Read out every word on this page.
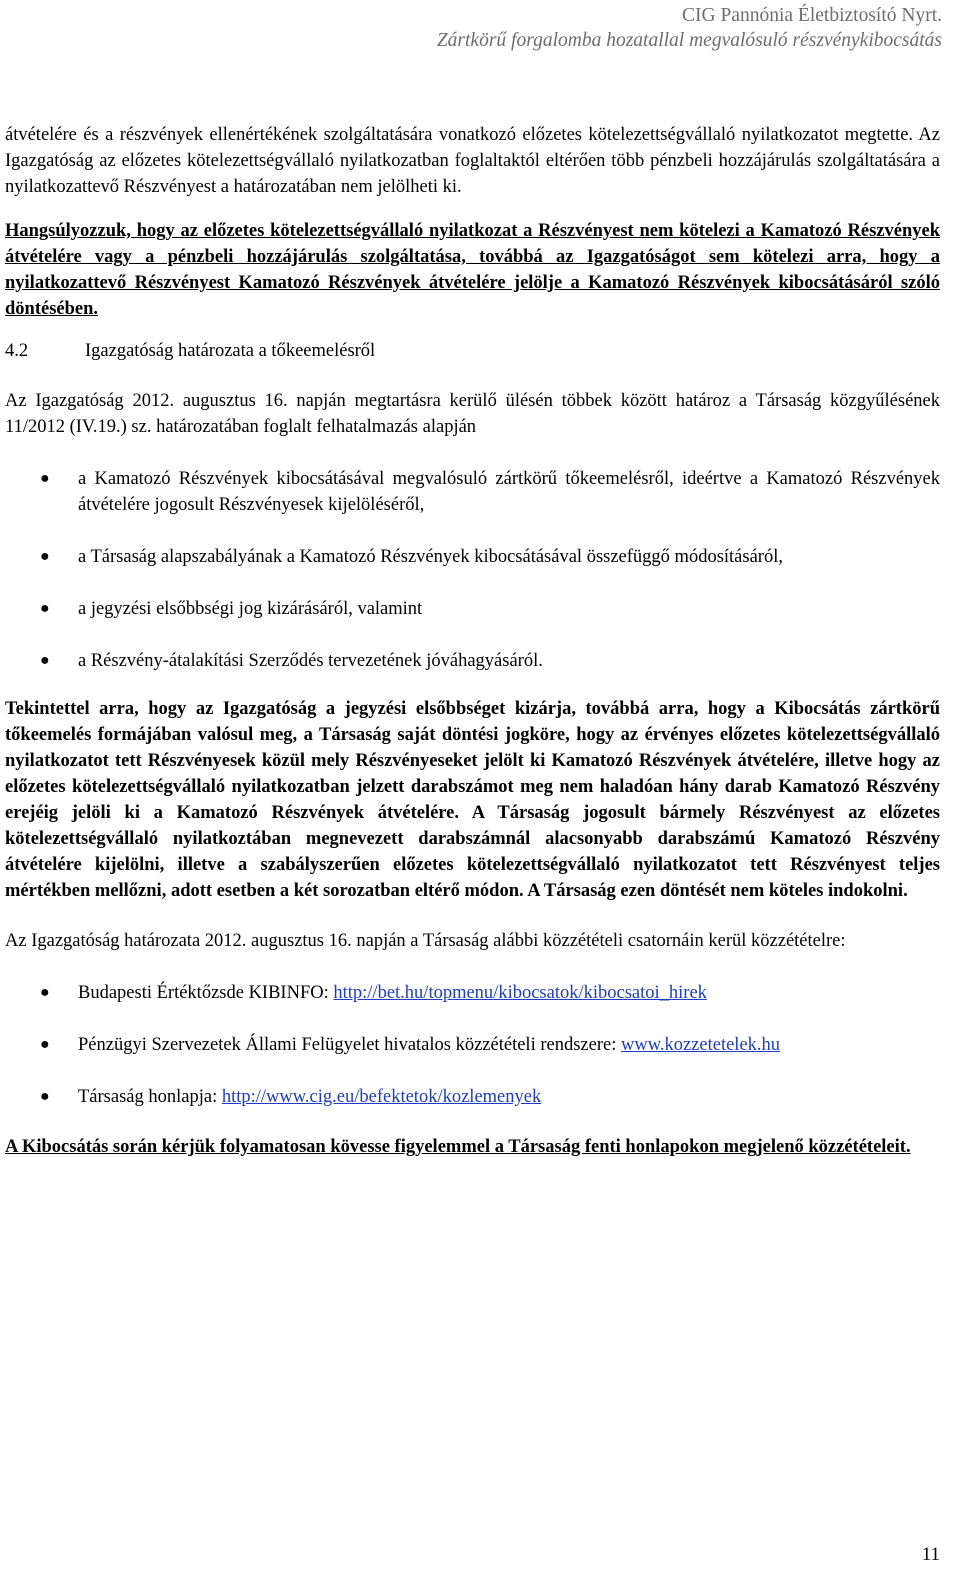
CIG Pannónia Életbiztosító Nyrt.
Zártkörű forgalomba hozatallal megvalósuló részvénykibocsátás

átvételére és a részvények ellenértékének szolgáltatására vonatkozó előzetes kötelezettségvállaló nyilatkozatot megtette. Az Igazgatóság az előzetes kötelezettségvállaló nyilatkozatban foglaltaktól eltérően több pénzbeli hozzájárulás szolgáltatására a nyilatkozattevő Részvényest a határozatában nem jelölheti ki.

Hangsúlyozzuk, hogy az előzetes kötelezettségvállaló nyilatkozat a Részvényest nem kötelezi a Kamatozó Részvények átvételére vagy a pénzbeli hozzájárulás szolgáltatása, továbbá az Igazgatóságot sem kötelezi arra, hogy a nyilatkozattevő Részvényest Kamatozó Részvények átvételére jelölje a Kamatozó Részvények kibocsátásáról szóló döntésében.

4.2	Igazgatóság határozata a tőkeemelésről

Az Igazgatóság 2012. augusztus 16. napján megtartásra kerülő ülésén többek között határoz a Társaság közgyűlésének 11/2012 (IV.19.) sz. határozatában foglalt felhatalmazás alapján

● a Kamatozó Részvények kibocsátásával megvalósuló zártkörű tőkeemelésről, ideértve a Kamatozó Részvények átvételére jogosult Részvényesek kijelöléséről,
● a Társaság alapszabályának a Kamatozó Részvények kibocsátásával összefüggő módosításáról,
● a jegyzési elsőbbségi jog kizárásáról, valamint
● a Részvény-átalakítási Szerződés tervezetének jóváhagyásáról.

Tekintettel arra, hogy az Igazgatóság a jegyzési elsőbbséget kizárja, továbbá arra, hogy a Kibocsátás zártkörű tőkeemelés formájában valósul meg, a Társaság saját döntési jogköre, hogy az érvényes előzetes kötelezettségvállaló nyilatkozatot tett Részvényesek közül mely Részvényeseket jelölt ki Kamatozó Részvények átvételére, illetve hogy az előzetes kötelezettségvállaló nyilatkozatban jelzett darabszámot meg nem haladóan hány darab Kamatozó Részvény erejéig jelöli ki a Kamatozó Részvények átvételére. A Társaság jogosult bármely Részvényest az előzetes kötelezettségvállaló nyilatkoztában megnevezett darabszámnál alacsonyabb darabszámú Kamatozó Részvény átvételére kijelölni, illetve a szabályszerűen előzetes kötelezettségvállaló nyilatkozatot tett Részvényest teljes mértékben mellőzni, adott esetben a két sorozatban eltérő módon. A Társaság ezen döntését nem köteles indokolni.

Az Igazgatóság határozata 2012. augusztus 16. napján a Társaság alábbi közzétételi csatornáin kerül közzétételre:

● Budapesti Értéktőzsde KIBINFO: http://bet.hu/topmenu/kibocsatok/kibocsatoi_hirek
● Pénzügyi Szervezetek Állami Felügyelet hivatalos közzétételi rendszere: www.kozzetetelek.hu
● Társaság honlapja: http://www.cig.eu/befektetok/kozlemenyek

A Kibocsátás során kérjük folyamatosan kövesse figyelemmel a Társaság fenti honlapokon megjelenő közzétételeit.

11
